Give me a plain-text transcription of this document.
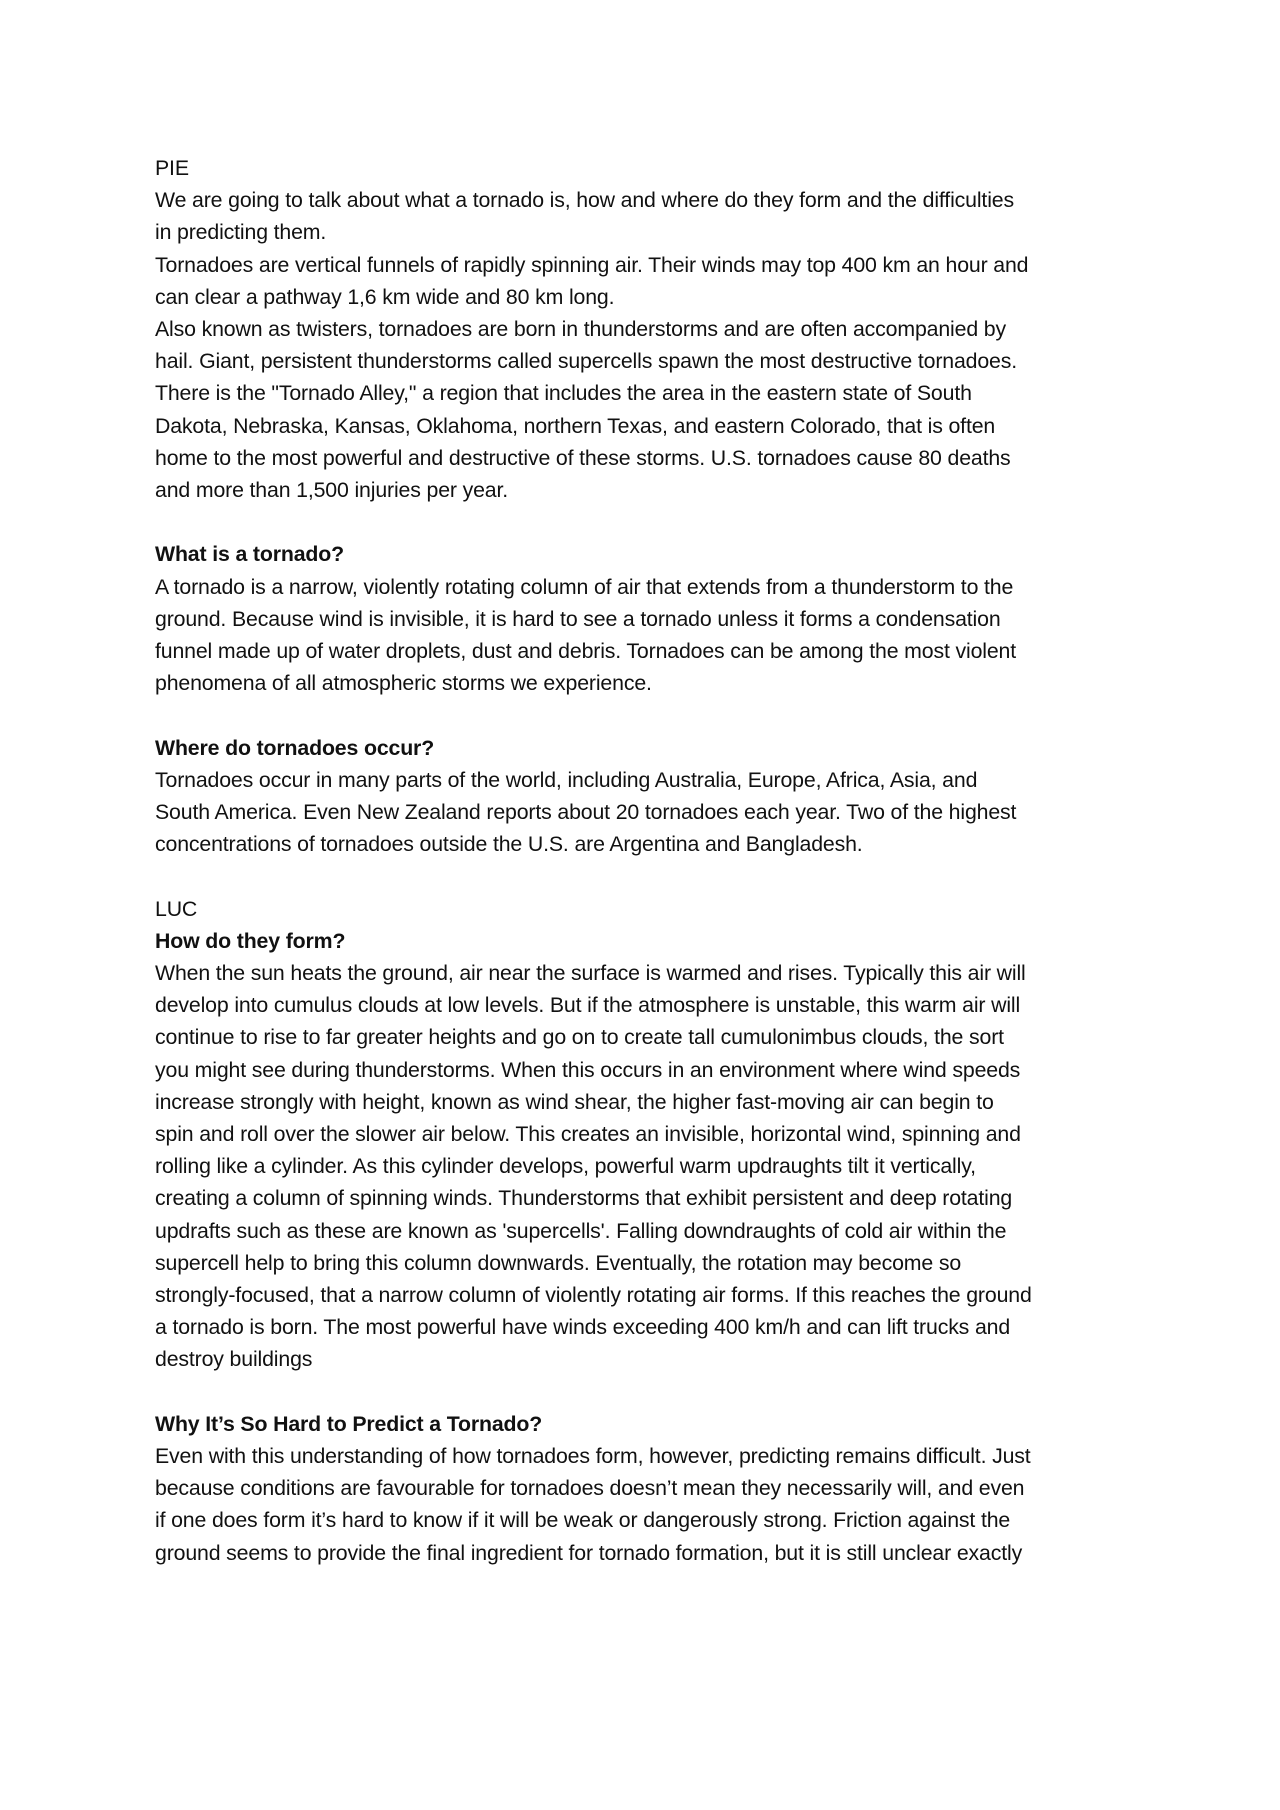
PIE
We are going to talk about what a tornado is, how and where do they form and the difficulties
in predicting them.
Tornadoes are vertical funnels of rapidly spinning air. Their winds may top 400 km an hour and
can clear a pathway 1,6 km wide and 80 km long.
Also known as twisters, tornadoes are born in thunderstorms and are often accompanied by
hail. Giant, persistent thunderstorms called supercells spawn the most destructive tornadoes.
There is the "Tornado Alley," a region that includes the area in the eastern state of South
Dakota, Nebraska, Kansas, Oklahoma, northern Texas, and eastern Colorado, that is often
home to the most powerful and destructive of these storms. U.S. tornadoes cause 80 deaths
and more than 1,500 injuries per year.
What is a tornado?
A tornado is a narrow, violently rotating column of air that extends from a thunderstorm to the
ground. Because wind is invisible, it is hard to see a tornado unless it forms a condensation
funnel made up of water droplets, dust and debris. Tornadoes can be among the most violent
phenomena of all atmospheric storms we experience.
Where do tornadoes occur?
Tornadoes occur in many parts of the world, including Australia, Europe, Africa, Asia, and
South America. Even New Zealand reports about 20 tornadoes each year. Two of the highest
concentrations of tornadoes outside the U.S. are Argentina and Bangladesh.
LUC
How do they form?
When the sun heats the ground, air near the surface is warmed and rises. Typically this air will
develop into cumulus clouds at low levels. But if the atmosphere is unstable, this warm air will
continue to rise to far greater heights and go on to create tall cumulonimbus clouds, the sort
you might see during thunderstorms. When this occurs in an environment where wind speeds
increase strongly with height, known as wind shear, the higher fast-moving air can begin to
spin and roll over the slower air below. This creates an invisible, horizontal wind, spinning and
rolling like a cylinder. As this cylinder develops, powerful warm updraughts tilt it vertically,
creating a column of spinning winds. Thunderstorms that exhibit persistent and deep rotating
updrafts such as these are known as 'supercells'. Falling downdraughts of cold air within the
supercell help to bring this column downwards. Eventually, the rotation may become so
strongly-focused, that a narrow column of violently rotating air forms. If this reaches the ground
a tornado is born. The most powerful have winds exceeding 400 km/h and can lift trucks and
destroy buildings
Why It’s So Hard to Predict a Tornado?
Even with this understanding of how tornadoes form, however, predicting remains difficult. Just
because conditions are favourable for tornadoes doesn’t mean they necessarily will, and even
if one does form it’s hard to know if it will be weak or dangerously strong. Friction against the
ground seems to provide the final ingredient for tornado formation, but it is still unclear exactly
